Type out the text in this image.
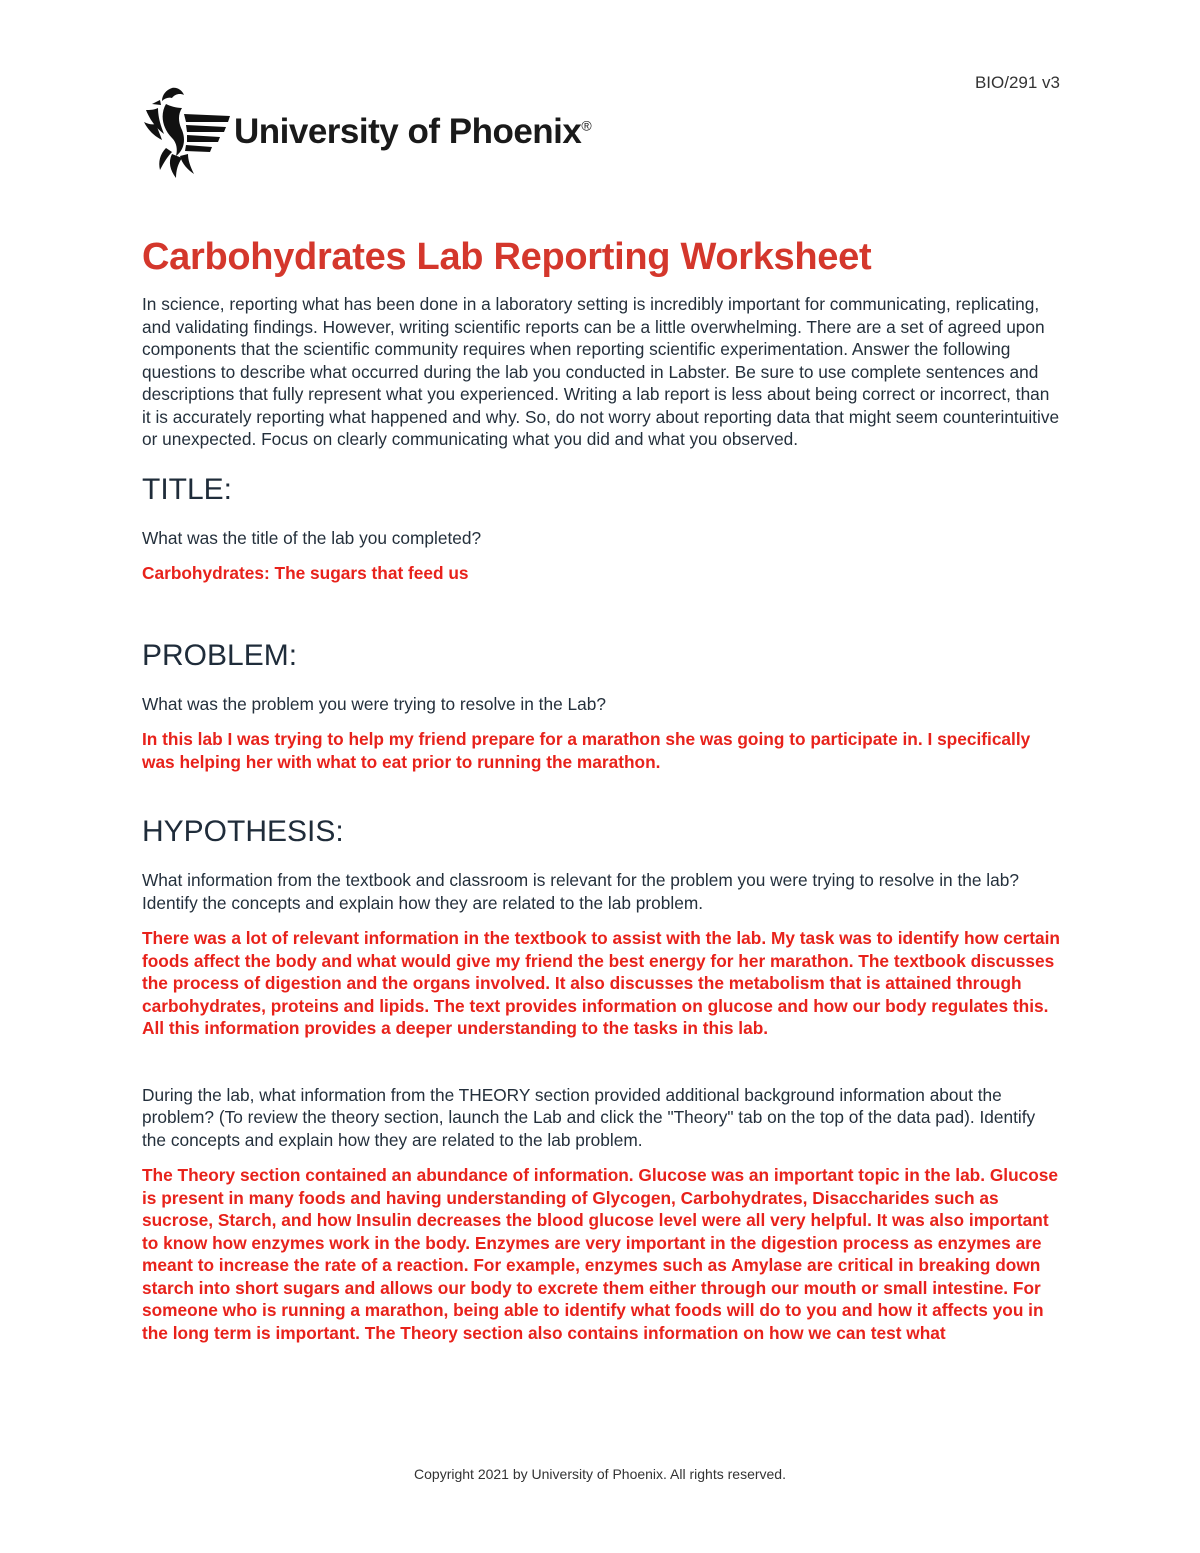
BIO/291 v3
University of Phoenix®
Carbohydrates Lab Reporting Worksheet

In science, reporting what has been done in a laboratory setting is incredibly important for communicating, replicating, and validating findings. However, writing scientific reports can be a little overwhelming. There are a set of agreed upon components that the scientific community requires when reporting scientific experimentation. Answer the following questions to describe what occurred during the lab you conducted in Labster. Be sure to use complete sentences and descriptions that fully represent what you experienced. Writing a lab report is less about being correct or incorrect, than it is accurately reporting what happened and why. So, do not worry about reporting data that might seem counterintuitive or unexpected. Focus on clearly communicating what you did and what you observed.

TITLE:

What was the title of the lab you completed?

Carbohydrates: The sugars that feed us

PROBLEM:

What was the problem you were trying to resolve in the Lab?

In this lab I was trying to help my friend prepare for a marathon she was going to participate in. I specifically was helping her with what to eat prior to running the marathon.

HYPOTHESIS:

What information from the textbook and classroom is relevant for the problem you were trying to resolve in the lab? Identify the concepts and explain how they are related to the lab problem.

There was a lot of relevant information in the textbook to assist with the lab. My task was to identify how certain foods affect the body and what would give my friend the best energy for her marathon. The textbook discusses the process of digestion and the organs involved. It also discusses the metabolism that is attained through carbohydrates, proteins and lipids. The text provides information on glucose and how our body regulates this. All this information provides a deeper understanding to the tasks in this lab.

During the lab, what information from the THEORY section provided additional background information about the problem? (To review the theory section, launch the Lab and click the "Theory" tab on the top of the data pad). Identify the concepts and explain how they are related to the lab problem.

The Theory section contained an abundance of information. Glucose was an important topic in the lab. Glucose is present in many foods and having understanding of Glycogen, Carbohydrates, Disaccharides such as sucrose, Starch, and how Insulin decreases the blood glucose level were all very helpful. It was also important to know how enzymes work in the body. Enzymes are very important in the digestion process as enzymes are meant to increase the rate of a reaction. For example, enzymes such as Amylase are critical in breaking down starch into short sugars and allows our body to excrete them either through our mouth or small intestine. For someone who is running a marathon, being able to identify what foods will do to you and how it affects you in the long term is important. The Theory section also contains information on how we can test what

Copyright 2021 by University of Phoenix. All rights reserved.
